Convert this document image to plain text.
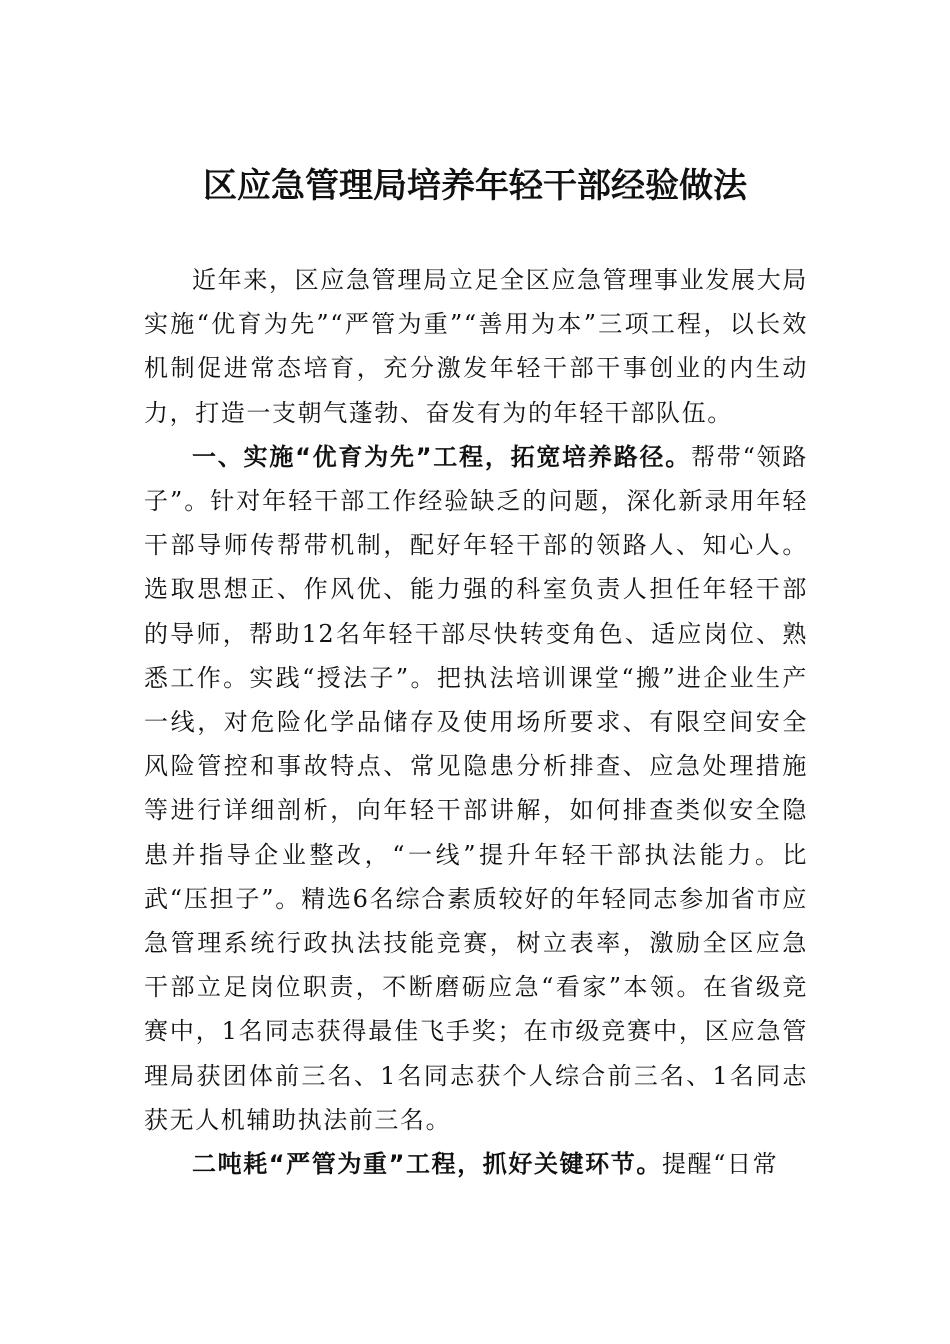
区应急管理局培养年轻干部经验做法

近年来，区应急管理局立足全区应急管理事业发展大局实施“优育为先”“严管为重”“善用为本”三项工程，以长效机制促进常态培育，充分激发年轻干部干事创业的内生动力，打造一支朝气蓬勃、奋发有为的年轻干部队伍。

一、实施“优育为先”工程，拓宽培养路径。帮带“领路子”。针对年轻干部工作经验缺乏的问题，深化新录用年轻干部导师传帮带机制，配好年轻干部的领路人、知心人。选取思想正、作风优、能力强的科室负责人担任年轻干部的导师，帮助12名年轻干部尽快转变角色、适应岗位、熟悉工作。实践“授法子”。把执法培训课堂“搬”进企业生产一线，对危险化学品储存及使用场所要求、有限空间安全风险管控和事故特点、常见隐患分析排查、应急处理措施等进行详细剖析，向年轻干部讲解，如何排查类似安全隐患并指导企业整改，“一线”提升年轻干部执法能力。比武“压担子”。精选6名综合素质较好的年轻同志参加省市应急管理系统行政执法技能竞赛，树立表率，激励全区应急干部立足岗位职责，不断磨砺应急“看家”本领。在省级竞赛中，1名同志获得最佳飞手奖；在市级竞赛中，区应急管理局获团体前三名、1名同志获个人综合前三名、1名同志获无人机辅助执法前三名。

二吨耗“严管为重”工程，抓好关键环节。提醒“日常
